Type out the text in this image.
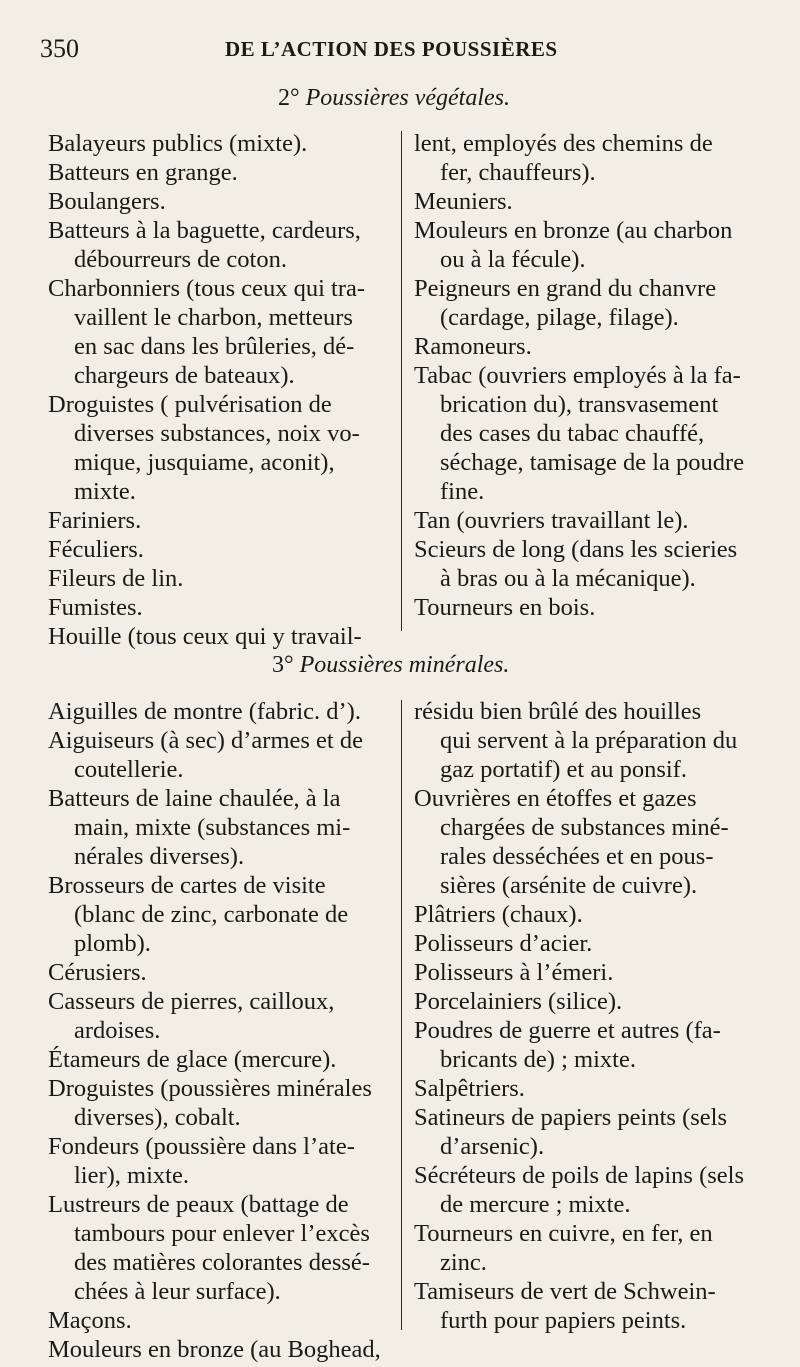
350	DE L’ACTION DES POUSSIÈRES
2° Poussières végétales.

Balayeurs publics (mixte).

Batteurs en grange.

Boulangers.

Batteurs à la baguette, cardeurs,
débourreurs de coton.

Charbonniers (tous ceux qui tra-
vaillent le charbon, metteurs
en sac dans les brûleries, dé-
chargeurs de bateaux).

Droguistes ( pulvérisation de
diverses substances, noix vo-
mique, jusquiame, aconit),
mixte.

Fariniers.

Féculiers.

Fileurs de lin.

Fumistes.

Houille (tous ceux qui y travail-

lent, employés des chemins de
fer, chauffeurs).

Meuniers.

Mouleurs en bronze (au charbon
ou à la fécule).

Peigneurs en grand du chanvre
(cardage, pilage, filage).

Ramoneurs.

Tabac (ouvriers employés à la fa-
brication du), transvasement
des cases du tabac chauffé,
séchage, tamisage de la poudre
fine.

Tan (ouvriers travaillant le).

Scieurs de long (dans les scieries
à bras ou à la mécanique).

Tourneurs en bois.

3° Poussières minérales.

Aiguilles de montre (fabric. d’).

Aiguiseurs (à sec) d’armes et de
coutellerie.

Batteurs de laine chaulée, à la
main, mixte (substances mi-
nérales diverses).

Brosseurs de cartes de visite
(blanc de zinc, carbonate de
plomb).

Cérusiers.

Casseurs de pierres, cailloux,
ardoises.

Étameurs de glace (mercure).

Droguistes (poussières minérales
diverses), cobalt.

Fondeurs (poussière dans l’ate-
lier), mixte.

Lustreurs de peaux (battage de
tambours pour enlever l’excès
des matières colorantes dessé-
chées à leur surface).

Maçons.

Mouleurs en bronze (au Boghead,

résidu bien brûlé des houilles
qui servent à la préparation du
gaz portatif) et au ponsif.

Ouvrières en étoffes et gazes
chargées de substances miné-
rales desséchées et en pous-
sières (arsénite de cuivre).

Plâtriers (chaux).

Polisseurs d’acier.

Polisseurs à l’émeri.

Porcelainiers (silice).

Poudres de guerre et autres (fa-
bricants de) ; mixte.

Salpêtriers.

Satineurs de papiers peints (sels
d’arsenic).

Sécréteurs de poils de lapins (sels
de mercure ; mixte.

Tourneurs en cuivre, en fer, en
zinc.

Tamiseurs de vert de Schwein-
furth pour papiers peints.
